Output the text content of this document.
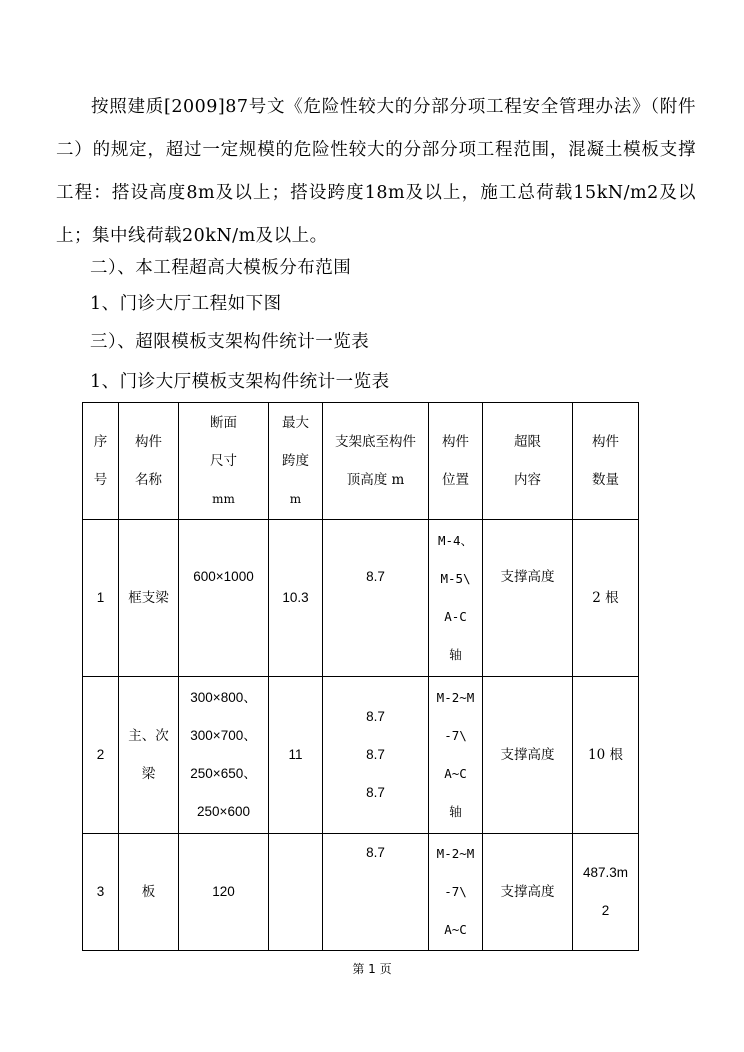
按照建质[2009]87号文《危险性较大的分部分项工程安全管理办法》（附件二）的规定，超过一定规模的危险性较大的分部分项工程范围，混凝土模板支撑工程：搭设高度8m及以上；搭设跨度18m及以上，施工总荷载15kN/m2及以上；集中线荷载20kN/m及以上。

二）、本工程超高大模板分布范围

1、门诊大厅工程如下图

三）、超限模板支架构件统计一览表

1、门诊大厅模板支架构件统计一览表

序
号	构件
名称	断面
尺寸
mm	最大
跨度
m	支架底至构件
顶高度 m	构件
位置	超限
内容	构件
数量

1	框支梁	600×1000	10.3	8.7	M-4、
M-5\
A-C
轴	支撑高度	2 根

2	主、次
梁	300×800、
300×700、
250×650、
250×600	11	8.7
8.7
8.7	M-2~M
-7\
A~C
轴	支撑高度	10 根

3	板	120		8.7	M-2~M
-7\
A~C	支撑高度	487.3m
2
第 1 页
